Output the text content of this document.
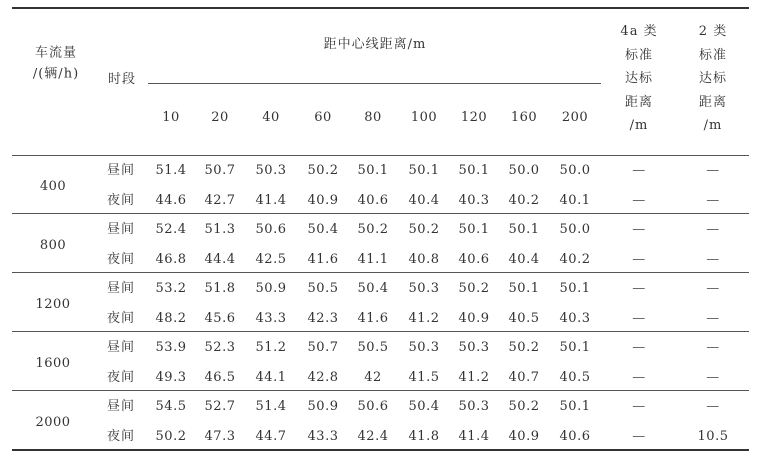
车流量
/(辆/h)	时段
距中心线距离/m
10 20	40	60 80 100 120 160 200
4a 类
标准
达标
距离
/m
2 类
标准
达标
距离
/m
400
昼间 51.4 50.7 50.3 50.2 50.1 50.1 50.1 50.0 50.0	—	—
夜间 44.6 42.7 41.4 40.9 40.6 40.4 40.3 40.2 40.1	—	—
800
昼间 52.4 51.3 50.6 50.4 50.2 50.2 50.1 50.1 50.0	—	—
夜间 46.8 44.4 42.5 41.6 41.1 40.8 40.6 40.4 40.2	—	—
1200
昼间 53.2 51.8 50.9 50.5 50.4 50.3 50.2 50.1 50.1	—	—
夜间 48.2 45.6 43.3 42.3 41.6 41.2 40.9 40.5 40.3	—	—
1600
昼间 53.9 52.3 51.2 50.7 50.5 50.3 50.3 50.2 50.1	—	—
夜间 49.3 46.5 44.1 42.8 42 41.5 41.2 40.7 40.5	—	—
2000
昼间 54.5 52.7 51.4 50.9 50.6 50.4 50.3 50.2 50.1	—	—
夜间 50.2 47.3 44.7 43.3 42.4 41.8 41.4 40.9 40.6	—	10.5
